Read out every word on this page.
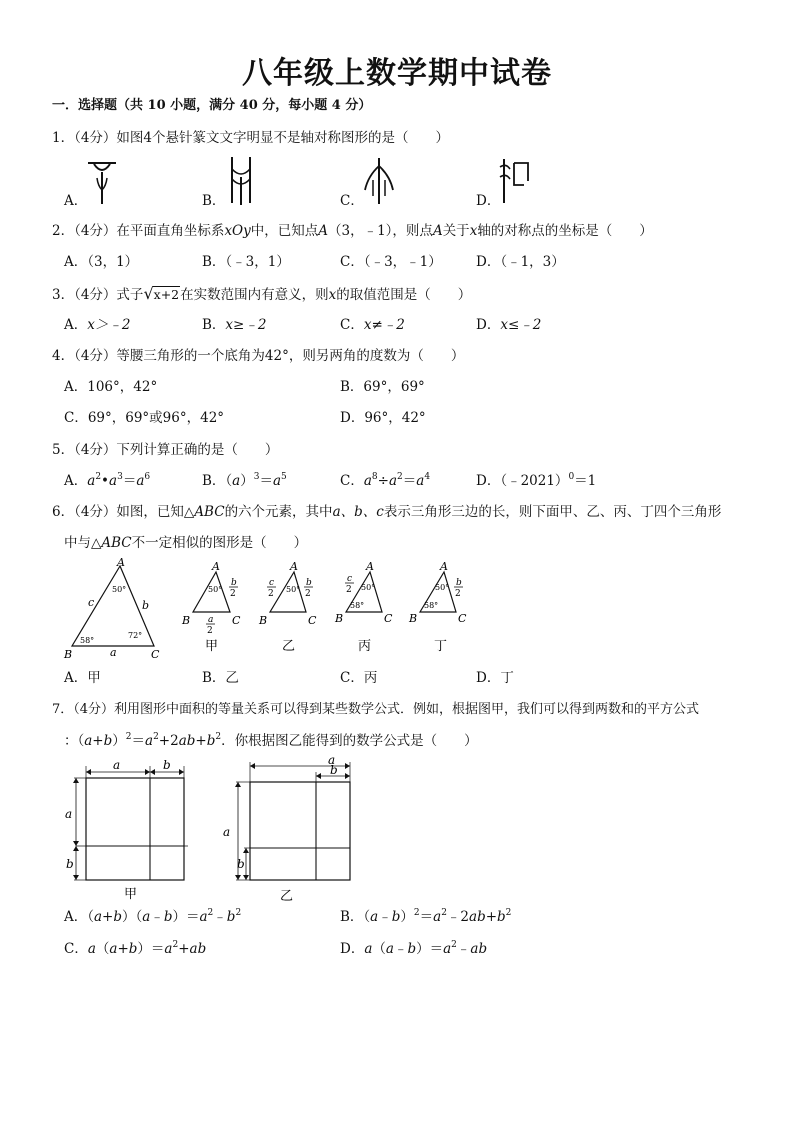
八年级上数学期中试卷
一．选择题（共 10 小题，满分 40 分，每小题 4 分）
1．（4分）如图4个悬针篆文文字明显不是轴对称图形的是（　　）
A．	B．	C．	D．
2．（4分）在平面直角坐标系xOy中，已知点A（3，﹣1），则点A关于x轴的对称点的坐标是（　　）
A．（3，1）	B．（﹣3，1）	C．（﹣3，﹣1）	D．（﹣1，3）
3．（4分）式子√x+2在实数范围内有意义，则x的取值范围是（　　）
A．x＞﹣2	B．x≥﹣2	C．x≠﹣2	D．x≤﹣2
4．（4分）等腰三角形的一个底角为42°，则另两角的度数为（　　）
A．106°，42°	B．69°，69°
C．69°，69°或96°，42°	D．96°，42°
5．（4分）下列计算正确的是（　　）
A．$a^2•a^3=a^6$	B．$(a)^3=a^5$	C．$a^8\div a^2=a^4$	D．（﹣2021）$^0$＝1
6．（4分）如图，已知△ABC的六个元素，其中a、b、c表示三角形三边的长，则下面甲、乙、丙、丁四个三角形
中与△ABC不一定相似的图形是（　　）
A
B	C
c	b
a
50°
58°
72°
A
B	C
50°
b
2
a
2
甲
A
B	C
50°
c
2
b
2
乙
A
B	C
50°
58°
c
2
丙
A
B	C
50°
58°
b
2
丁
A．甲	B．乙	C．丙	D．丁
7．（4分）利用图形中面积的等量关系可以得到某些数学公式．例如，根据图甲，我们可以得到两数和的平方公式
：$(a+b)^2=a^2+2ab+b^2$．你根据图乙能得到的数学公式是（　　）
a	b
a
b
甲
a
b
a
b
乙
A．$(a+b)(a﹣b)=a^2﹣b^2$	B．$(a﹣b)^2=a^2﹣2ab+b^2$
C．$a(a+b)=a^2+ab$	D．$a(a﹣b)=a^2﹣ab$
